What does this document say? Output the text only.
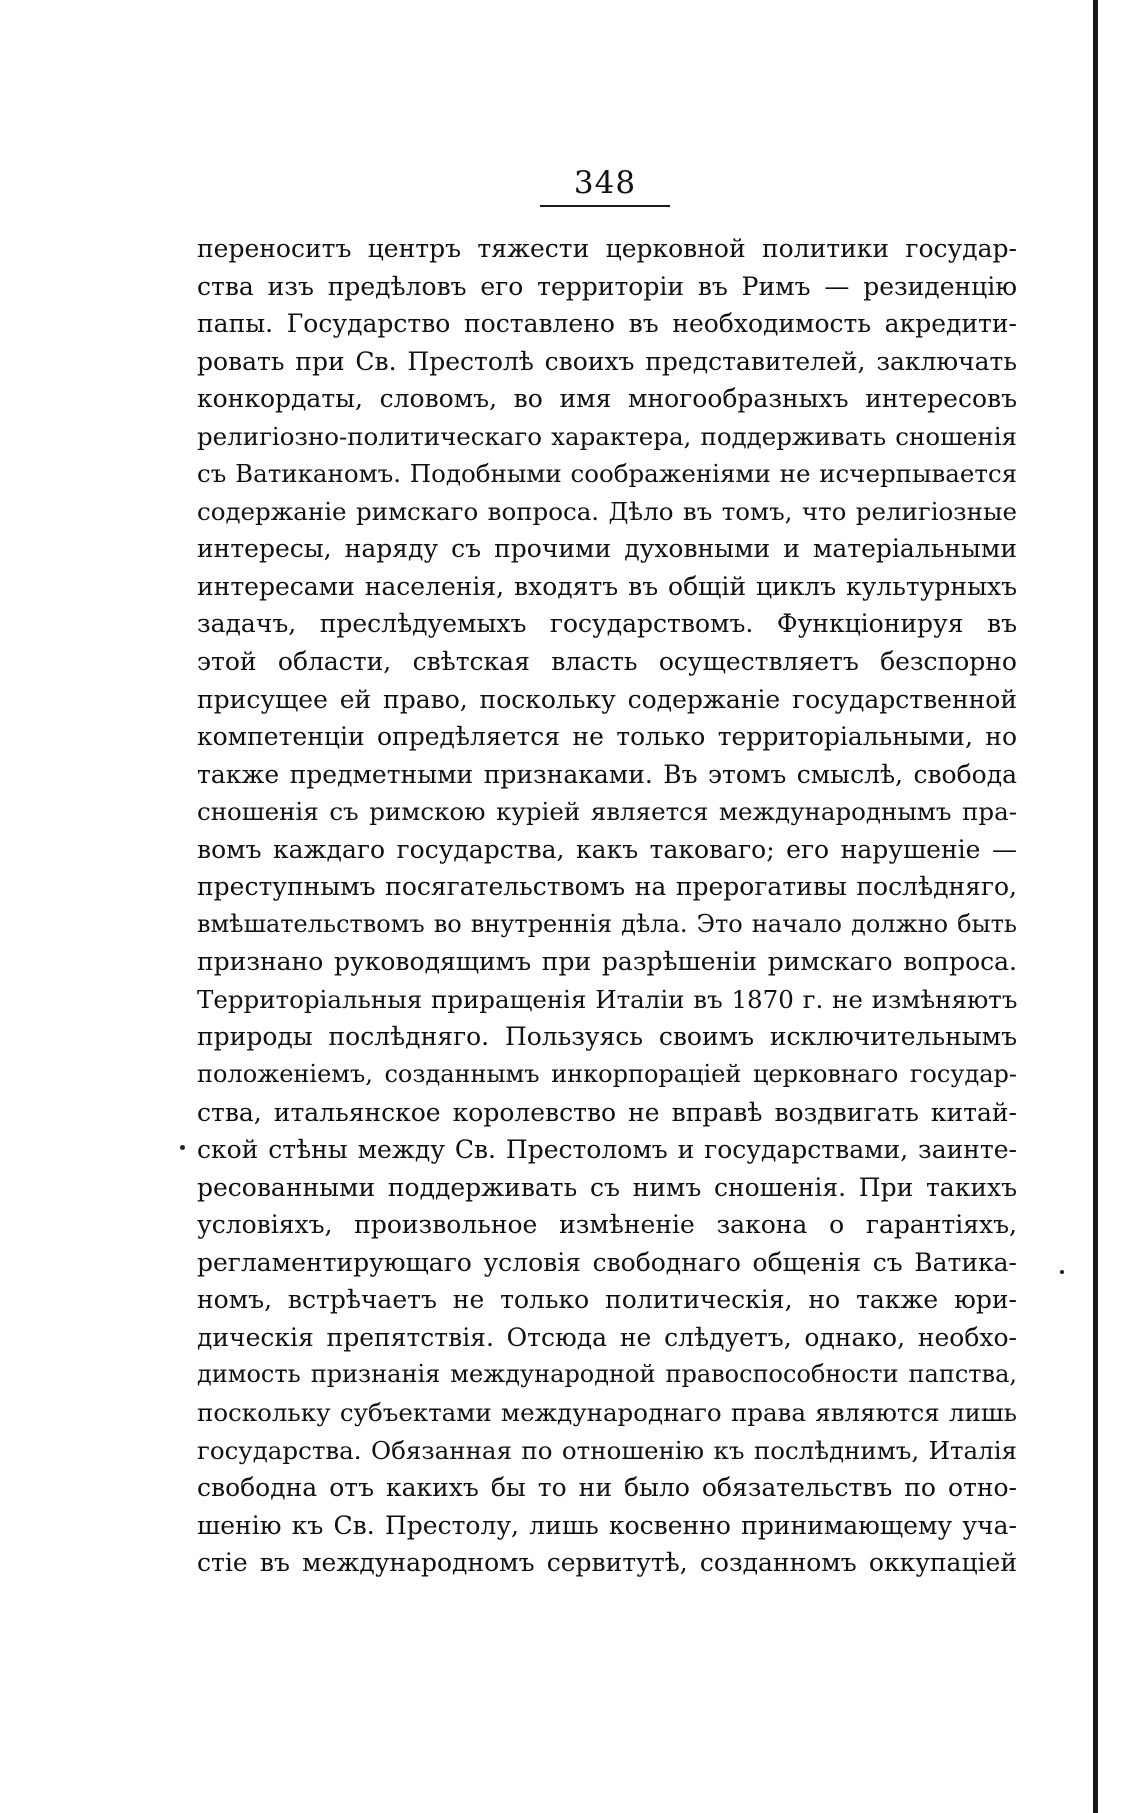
348
переноситъ центръ тяжести церковной политики государ-
ства изъ предѣловъ его территоріи въ Римъ — резиденцію
папы. Государство поставлено въ необходимость акредити-
ровать при Св. Престолѣ своихъ представителей, заключать
конкордаты, словомъ, во имя многообразныхъ интересовъ
религіозно-политическаго характера, поддерживать сношенія
съ Ватиканомъ. Подобными соображеніями не исчерпывается
содержаніе римскаго вопроса. Дѣло въ томъ, что религіозные
интересы, наряду съ прочими духовными и матеріальными
интересами населенія, входятъ въ общій циклъ культурныхъ
задачъ, преслѣдуемыхъ государствомъ. Функціонируя въ
этой области, свѣтская власть осуществляетъ безспорно
присущее ей право, поскольку содержаніе государственной
компетенціи опредѣляется не только территоріальными, но
также предметными признаками. Въ этомъ смыслѣ, свобода
сношенія съ римскою куріей является международнымъ пра-
вомъ каждаго государства, какъ таковаго; его нарушеніе —
преступнымъ посягательствомъ на прерогативы послѣдняго,
вмѣшательствомъ во внутреннія дѣла. Это начало должно быть
признано руководящимъ при разрѣшеніи римскаго вопроса.
Территоріальныя приращенія Италіи въ 1870 г. не измѣняютъ
природы послѣдняго. Пользуясь своимъ исключительнымъ
положеніемъ, созданнымъ инкорпораціей церковнаго государ-
ства, итальянское королевство не вправѣ воздвигать китай-
ской стѣны между Св. Престоломъ и государствами, заинте-
ресованными поддерживать съ нимъ сношенія. При такихъ
условіяхъ, произвольное измѣненіе закона о гарантіяхъ,
регламентирующаго условія свободнаго общенія съ Ватика-
номъ, встрѣчаетъ не только политическія, но также юри-
дическія препятствія. Отсюда не слѣдуетъ, однако, необхо-
димость признанія международной правоспособности папства,
поскольку субъектами международнаго права являются лишь
государства. Обязанная по отношенію къ послѣднимъ, Италія
свободна отъ какихъ бы то ни было обязательствъ по отно-
шенію къ Св. Престолу, лишь косвенно принимающему уча-
стіе въ международномъ сервитутѣ, созданномъ оккупаціей
